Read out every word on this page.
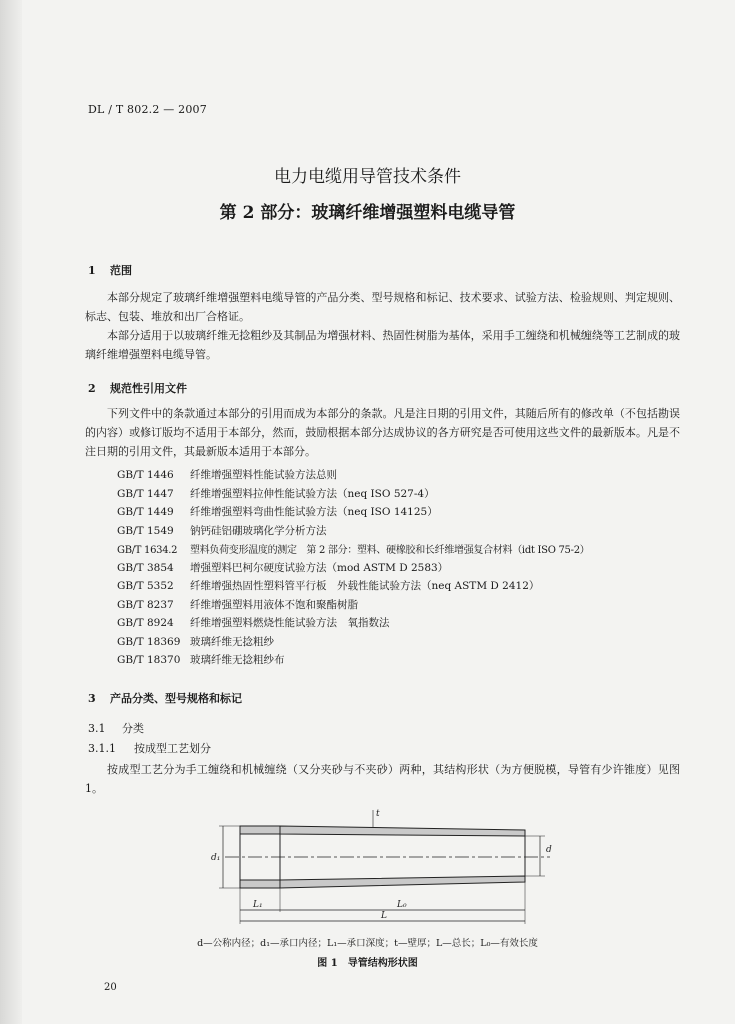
DL / T 802.2 — 2007
电力电缆用导管技术条件
第 2 部分：玻璃纤维增强塑料电缆导管
1 范围
本部分规定了玻璃纤维增强塑料电缆导管的产品分类、型号规格和标记、技术要求、试验方法、检验规则、判定规则、标志、包装、堆放和出厂合格证。
本部分适用于以玻璃纤维无捻粗纱及其制品为增强材料、热固性树脂为基体，采用手工缠绕和机械缠绕等工艺制成的玻璃纤维增强塑料电缆导管。
2 规范性引用文件
下列文件中的条款通过本部分的引用而成为本部分的条款。凡是注日期的引用文件，其随后所有的修改单（不包括勘误的内容）或修订版均不适用于本部分，然而，鼓励根据本部分达成协议的各方研究是否可使用这些文件的最新版本。凡是不注日期的引用文件，其最新版本适用于本部分。
GB/T 1446 纤维增强塑料性能试验方法总则
GB/T 1447 纤维增强塑料拉伸性能试验方法（neq ISO 527-4）
GB/T 1449 纤维增强塑料弯曲性能试验方法（neq ISO 14125）
GB/T 1549 钠钙硅铝硼玻璃化学分析方法
GB/T 1634.2 塑料负荷变形温度的测定　第 2 部分：塑料、硬橡胶和长纤维增强复合材料（idt ISO 75-2）
GB/T 3854 增强塑料巴柯尔硬度试验方法（mod ASTM D 2583）
GB/T 5352 纤维增强热固性塑料管平行板　外载性能试验方法（neq ASTM D 2412）
GB/T 8237 纤维增强塑料用液体不饱和聚酯树脂
GB/T 8924 纤维增强塑料燃烧性能试验方法　氧指数法
GB/T 18369 玻璃纤维无捻粗纱
GB/T 18370 玻璃纤维无捻粗纱布
3 产品分类、型号规格和标记
3.1 分类
3.1.1 按成型工艺划分
按成型工艺分为手工缠绕和机械缠绕（又分夹砂与不夹砂）两种，其结构形状（为方便脱模，导管有少许锥度）见图 1。
d₁
d
t
L₁	L₀
L
d—公称内径；d₁—承口内径；L₁—承口深度；t—壁厚；L—总长；L₀—有效长度
图 1　导管结构形状图
20
